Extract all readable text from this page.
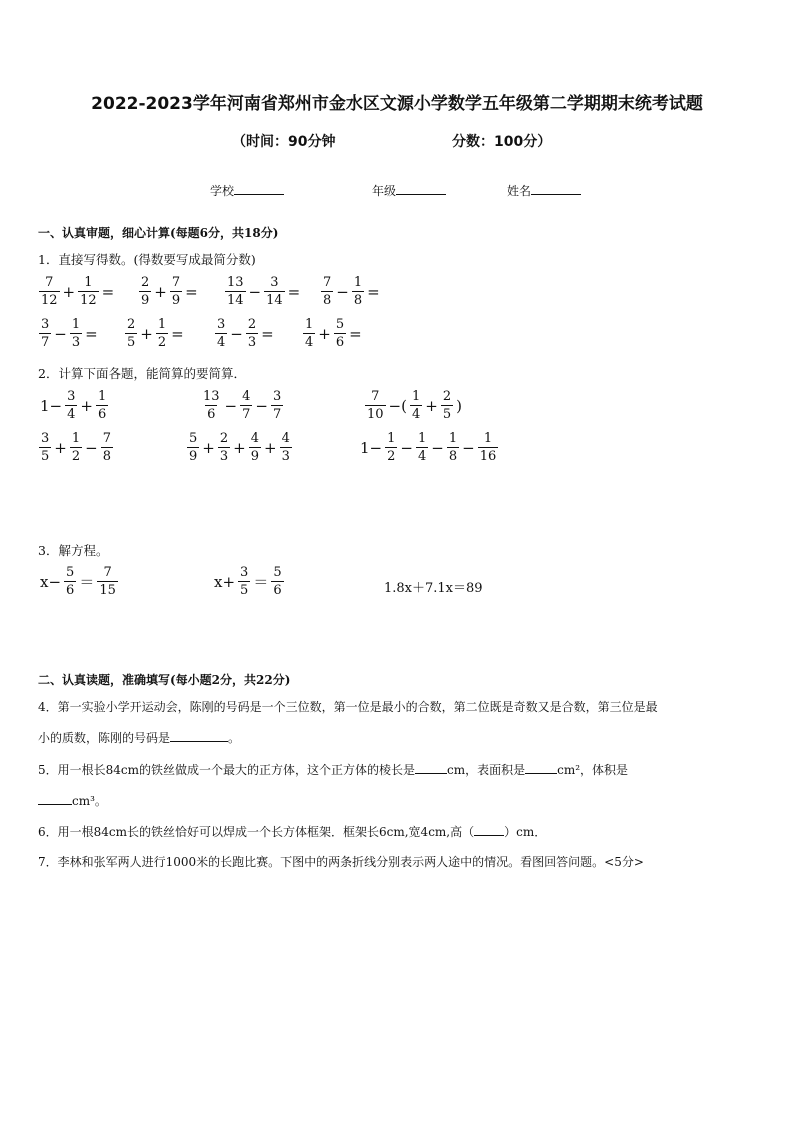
2022-2023学年河南省郑州市金水区文源小学数学五年级第二学期期末统考试题
（时间：90分钟	分数：100分）
学校	年级	姓名
一、认真审题，细心计算(每题6分，共18分)
1．直接写得数。(得数要写成最简分数)
$\frac{7}{12} + \frac{1}{12} = \frac{2}{9} + \frac{7}{9} = \frac{13}{14} - \frac{3}{14} = \frac{7}{8} - \frac{1}{8}$ =
$\frac{3}{7} - \frac{1}{3} = \frac{2}{5} + \frac{1}{2} = \frac{3}{4} - \frac{2}{3} = \frac{1}{4} + \frac{5}{6}$ =
2．计算下面各题，能简算的要简算．
$1- \frac{3}{4} + \frac{1}{6}$	$\frac{13}{6} - \frac{4}{7} - \frac{3}{7}$	$\frac{7}{10}$ −( $\frac{1}{4} + \frac{2}{5}$ )
$\frac{3}{5} + \frac{1}{2} - \frac{7}{8}$	$\frac{5}{9} + \frac{2}{3} + \frac{4}{9} + \frac{4}{3}$	$1- \frac{1}{2} - \frac{1}{4} - \frac{1}{8} - \frac{1}{16}$
3．解方程。
$x- \frac{5}{6} = \frac{7}{15}$	$x+ \frac{3}{5} = \frac{5}{6}$	1.8x＋7.1x＝89
二、认真读题，准确填写(每小题2分，共22分)
4．第一实验小学开运动会，陈刚的号码是一个三位数，第一位是最小的合数，第二位既是奇数又是合数，第三位是最
小的质数，陈刚的号码是	。
5．用一根长84cm的铁丝做成一个最大的正方体，这个正方体的棱长是	cm，表面积是	cm²，体积是
cm³。
6．用一根84cm长的铁丝恰好可以焊成一个长方体框架．框架长6cm,宽4cm,高（	）cm．
7．李林和张军两人进行1000米的长跑比赛。下图中的两条折线分别表示两人途中的情况。看图回答问题。<5分>
